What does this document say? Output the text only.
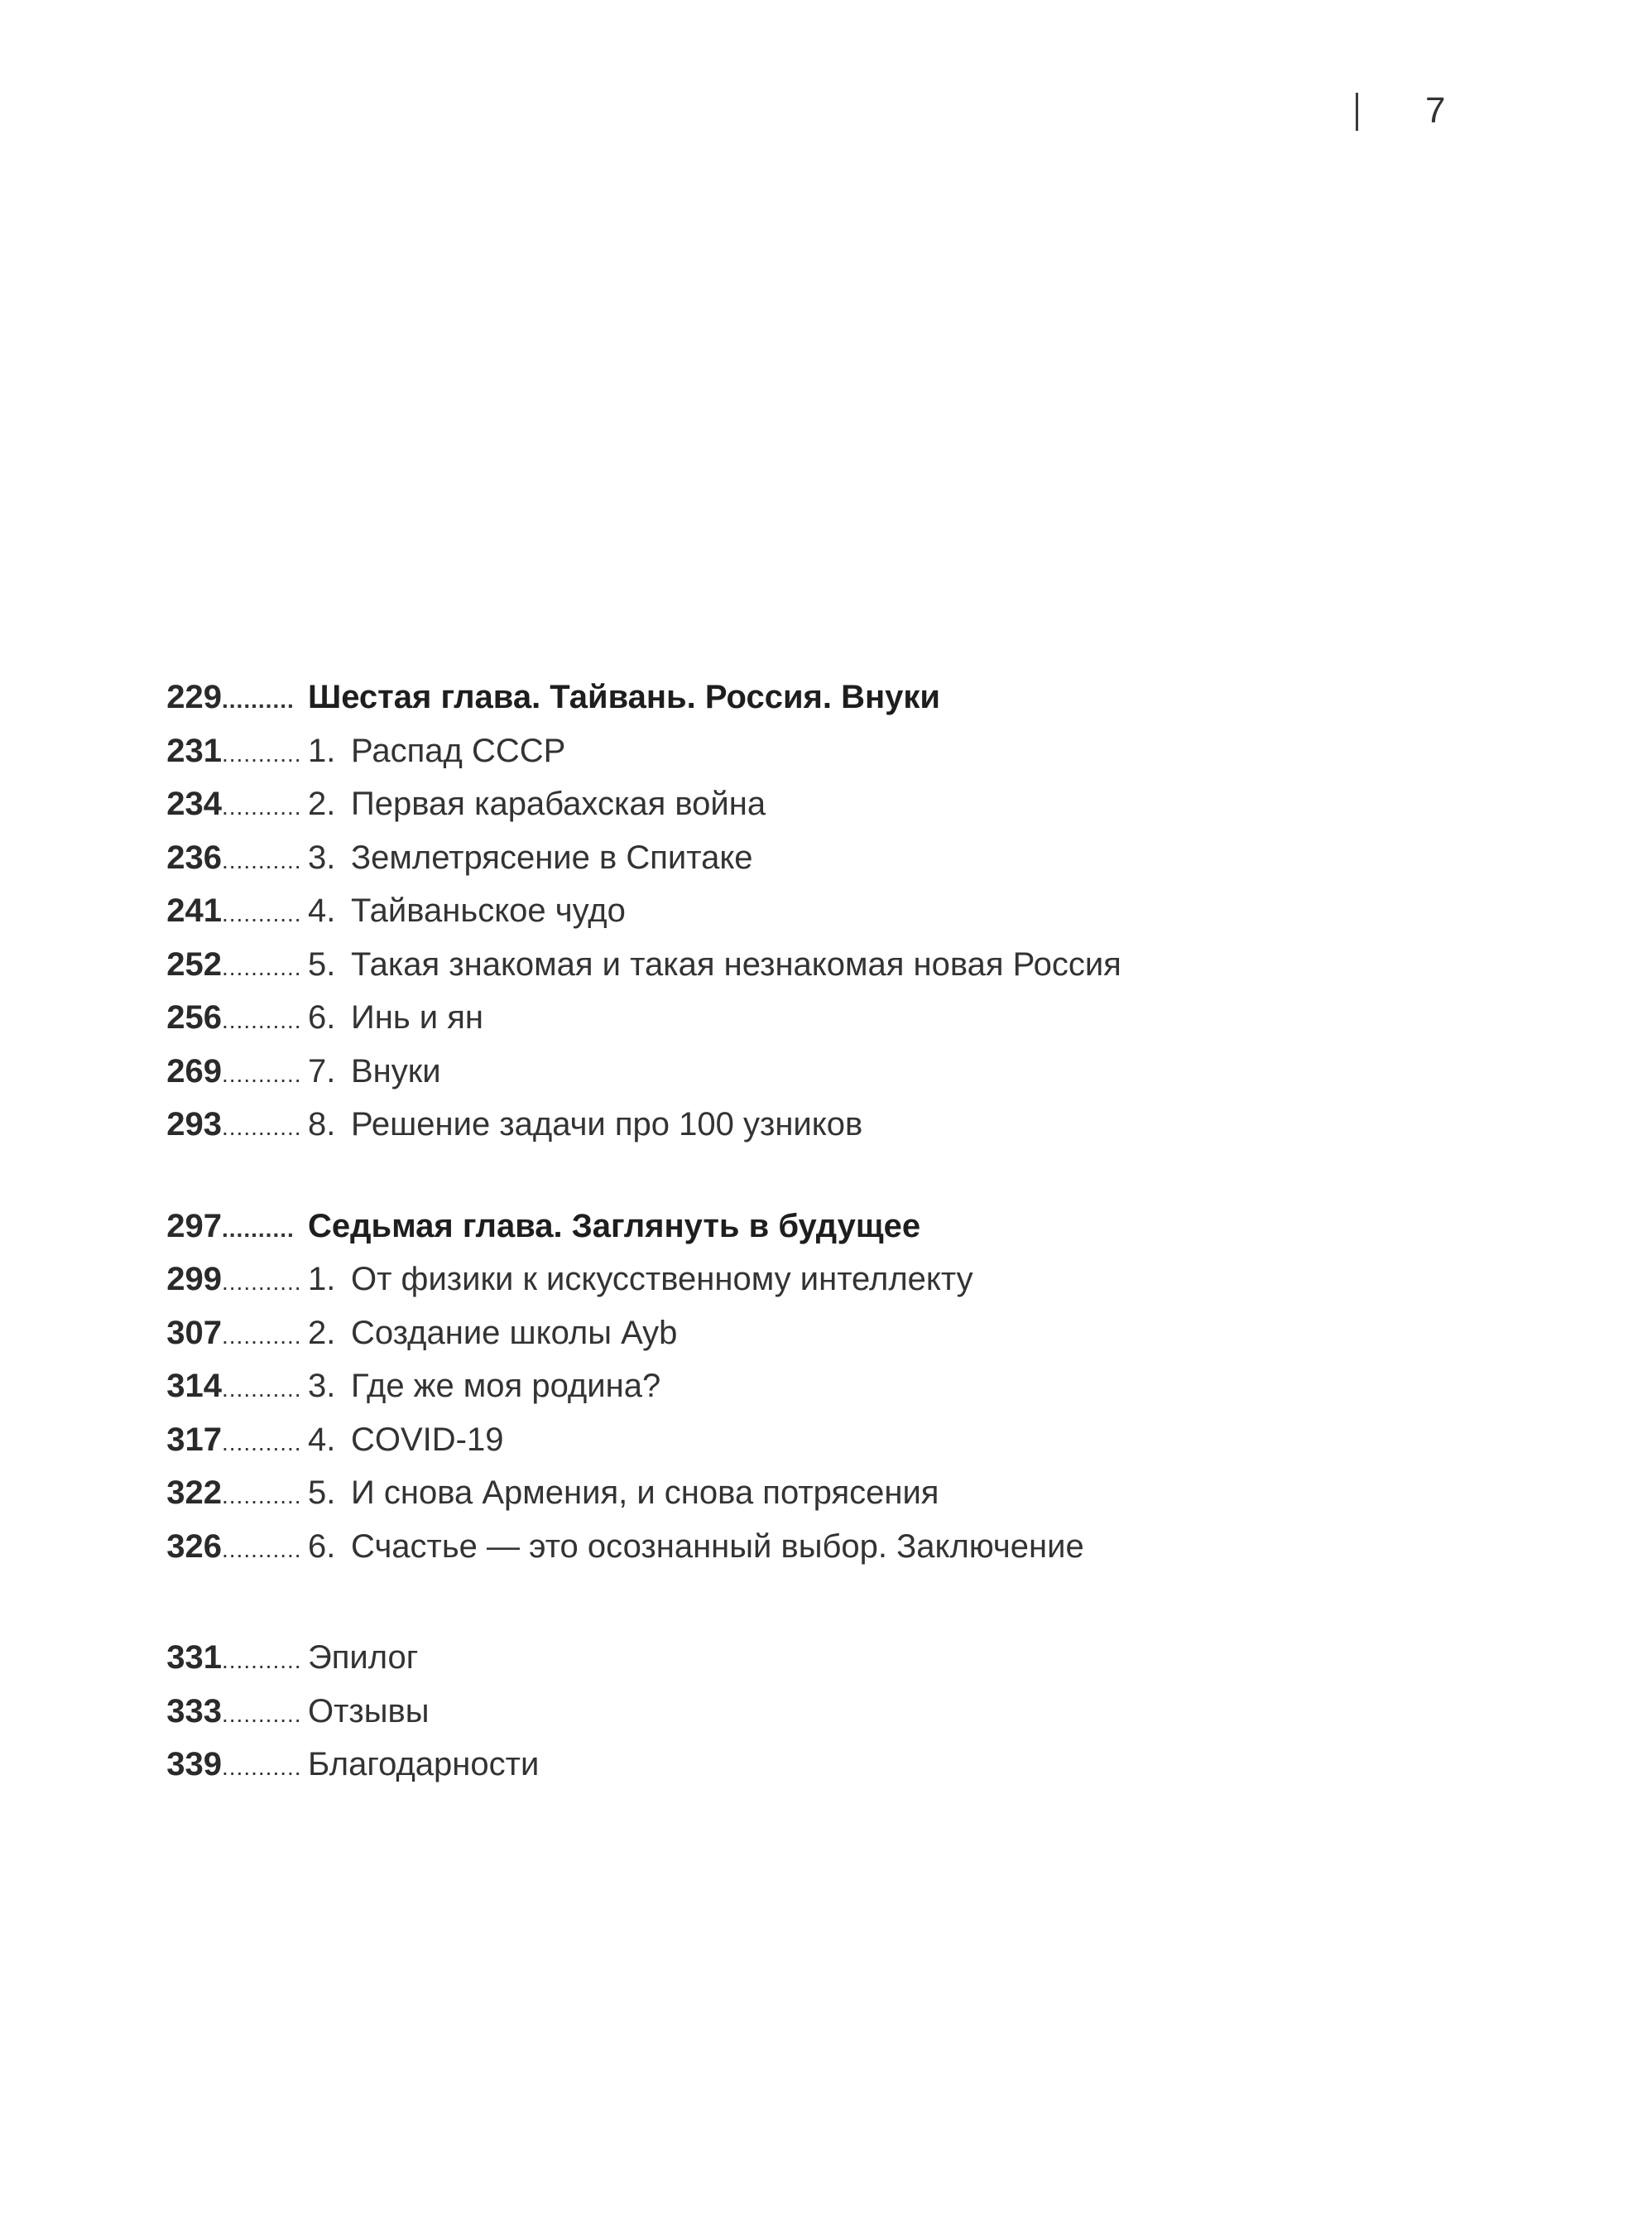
7
229 .......... Шестая глава. Тайвань. Россия. Внуки
231 ........... 1. Распад СССР
234 ........... 2. Первая карабахская война
236 ........... 3. Землетрясение в Спитаке
241 ........... 4. Тайваньское чудо
252 ........... 5. Такая знакомая и такая незнакомая новая Россия
256 ........... 6. Инь и ян
269 ........... 7. Внуки
293 ........... 8. Решение задачи про 100 узников
297 .......... Седьмая глава. Заглянуть в будущее
299 ........... 1. От физики к искусственному интеллекту
307 ........... 2. Создание школы Ayb
314 ........... 3. Где же моя родина?
317 ........... 4. COVID-19
322 ........... 5. И снова Армения, и снова потрясения
326 ........... 6. Счастье — это осознанный выбор. Заключение
331 ........... Эпилог
333 ........... Отзывы
339 ........... Благодарности
